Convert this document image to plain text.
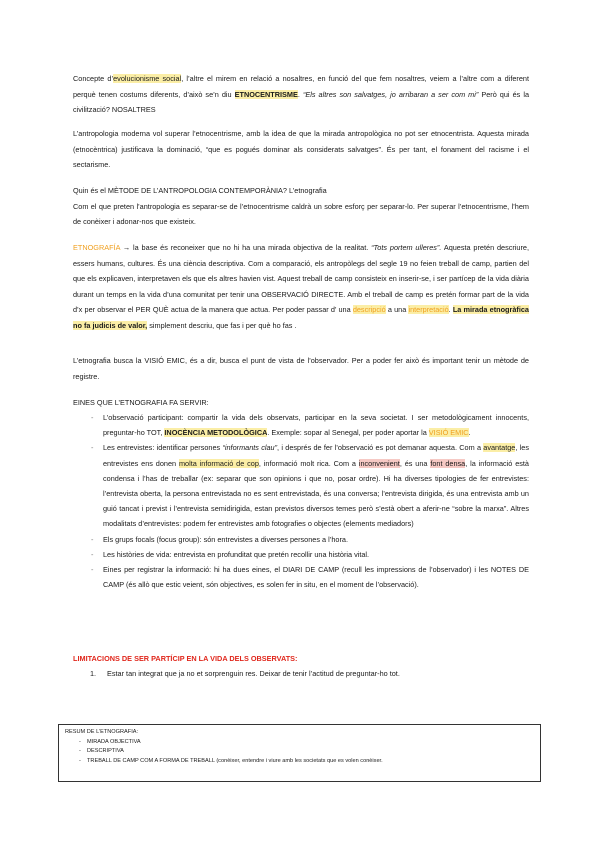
Concepte d’evolucionisme social, l’altre el mirem en relació a nosaltres, en funció del que fem nosaltres, veiem a l’altre com a diferent perquè tenen costums diferents, d’això se’n diu ETNOCENTRISME. “Els altres son salvatges, jo arribaran a ser com mi” Però qui és la civilització? NOSALTRES

L’antropologia moderna vol superar l’etnocentrisme, amb la idea de que la mirada antropològica no pot ser etnocentrista. Aquesta mirada (etnocèntrica) justificava la dominació, “que es pogués dominar als considerats salvatges”. És per tant, el fonament del racisme i el sectarisme.

Quin és el MÈTODE DE L’ANTROPOLOGIA CONTEMPORÀNIA? L’etnografia
Com el que preten l’antropologia es separar-se de l’etnocentrisme caldrà un sobre esforç per separar-lo. Per superar l’etnocentrisme, l’hem de conèixer i adonar-nos que existeix.

ETNOGRAFÍA → la base és reconeixer que no hi ha una mirada objectiva de la realitat. “Tots portem ulleres”. Aquesta pretén descriure, essers humans, cultures. És una ciència descriptiva. Com a comparació, els antropòlegs del segle 19 no feien treball de camp, partien del que els explicaven, interpretaven els que els altres havien vist. Aquest treball de camp consisteix en inserir-se, i ser partícep de la vida diària durant un temps en la vida d’una comunitat per tenir una OBSERVACIÓ DIRECTE. Amb el treball de camp es pretén formar part de la vida d’x per observar el PER QUÈ actua de la manera que actua. Per poder passar d’ una descripció a una interpretació. La mirada etnogràfica no fa judicis de valor, simplement descriu, que fas i per què ho fas .

L’etnografia busca la VISIÓ EMIC, és a dir, busca el punt de vista de l’observador. Per a poder fer això és important tenir un mètode de registre.

EINES QUE L’ETNOGRAFIA FA SERVIR:

- L’observació participant: compartir la vida dels observats, participar en la seva societat. I ser metodològicament innocents, preguntar-ho TOT, INOCÈNCIA METODOLÒGICA. Exemple: sopar al Senegal, per poder aportar la VISIÓ EMIC.
- Les entrevistes: identificar persones “informants clau”, i després de fer l’observació es pot demanar aquesta. Com a avantatge, les entrevistes ens donen molta informació de cop, informació molt rica. Com a inconvenient, és una font densa, la informació està condensa i l’has de treballar (ex: separar que son opinions i que no, posar ordre). Hi ha diverses tipologies de fer entrevistes: l’entrevista oberta, la persona entrevistada no es sent entrevistada, és una conversa; l’entrevista dirigida, és una entrevista amb un guió tancat i previst i l’entrevista semidirigida, estan previstos diversos temes però s’està obert a aferir-ne “sobre la marxa”. Altres modalitats d’entrevistes: podem fer entrevistes amb fotografies o objectes (elements mediadors)
- Els grups focals (focus group): són entrevistes a diverses persones a l’hora.
- Les històries de vida: entrevista en profunditat que pretén recollir una història vital.
- Eines per registrar la informació: hi ha dues eines, el DIARI DE CAMP (recull les impressions de l’observador) i les NOTES DE CAMP (és allò que estic veient, són objectives, es solen fer in situ, en el moment de l’observació).

LIMITACIONS DE SER PARTÍCIP EN LA VIDA DELS OBSERVATS:

1. Estar tan integrat que ja no et sorprenguin res. Deixar de tenir l’actitud de preguntar-ho tot.
RESUM DE L’ETNOGRAFIA:
- MIRADA OBJECTIVA
- DESCRIPTIVA
- TREBALL DE CAMP COM A FORMA DE TREBALL (conèixer, entendre i viure amb les societats que es volen conèixer.
